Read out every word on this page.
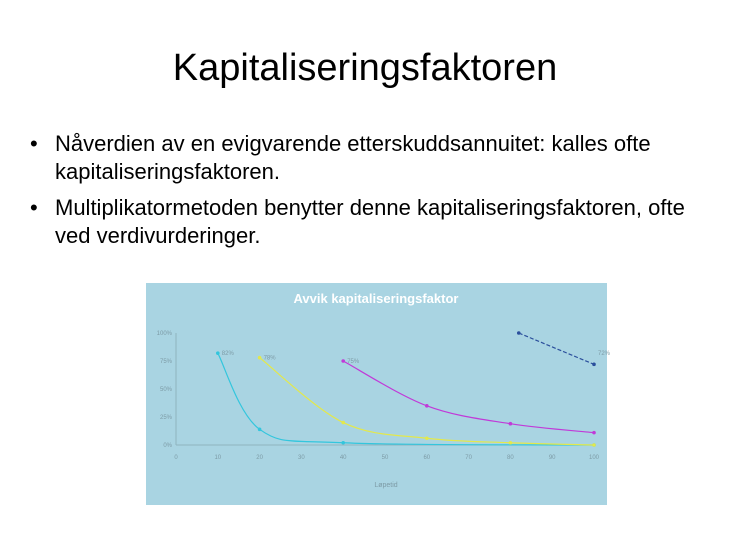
Kapitaliseringsfaktoren
• Nåverdien av en evigvarende etterskuddsannuitet: kalles ofte kapitaliseringsfaktoren.
• Multiplikatormetoden benytter denne kapitaliseringsfaktoren, ofte ved verdivurderinger.
Avvik kapitaliseringsfaktor
0	10	20	30	40	50	60	70	80	90	100
0%
25%
50%
75%
100%
82%
78%
75%
72%
Løpetid
